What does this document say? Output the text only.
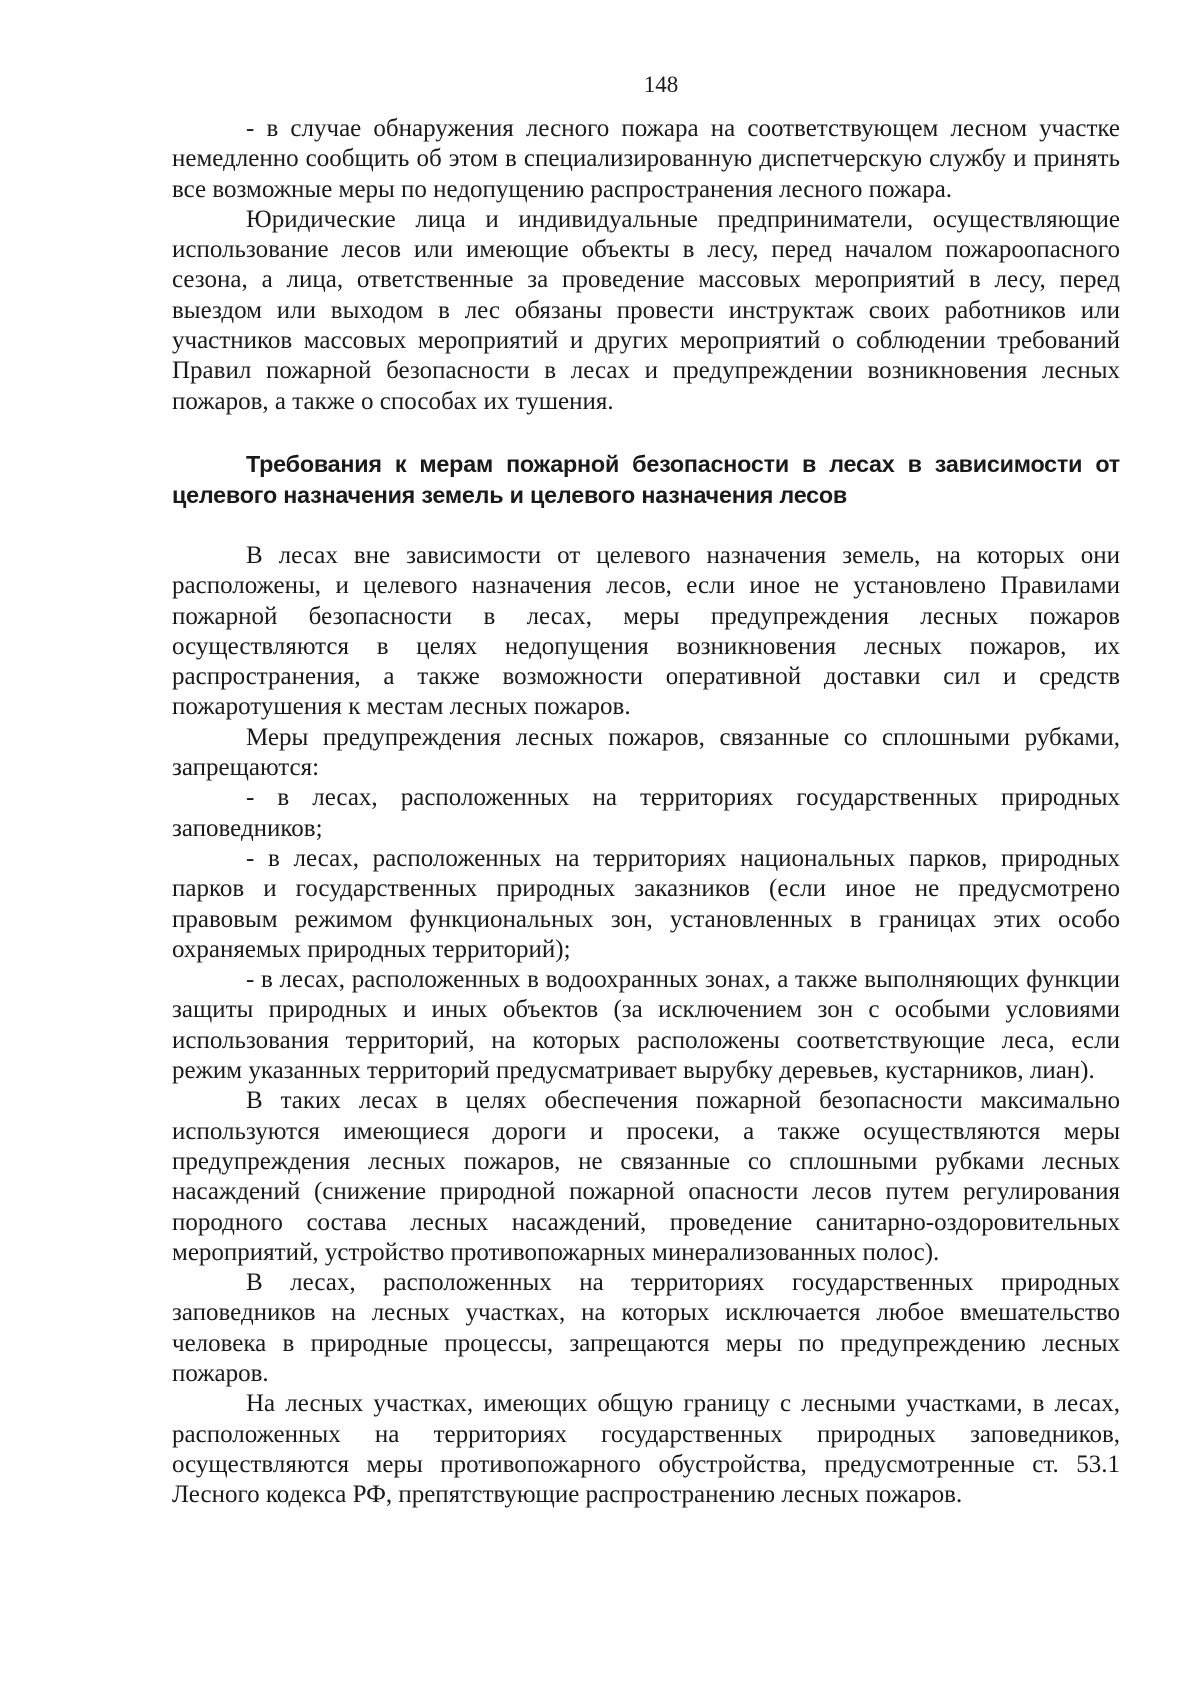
148

- в случае обнаружения лесного пожара на соответствующем лесном участке немедленно сообщить об этом в специализированную диспетчерскую службу и принять все возможные меры по недопущению распространения лесного пожара.

Юридические лица и индивидуальные предприниматели, осуществляющие использование лесов или имеющие объекты в лесу, перед началом пожароопасного сезона, а лица, ответственные за проведение массовых мероприятий в лесу, перед выездом или выходом в лес обязаны провести инструктаж своих работников или участников массовых мероприятий и других мероприятий о соблюдении требований Правил пожарной безопасности в лесах и предупреждении возникновения лесных пожаров, а также о способах их тушения.

Требования к мерам пожарной безопасности в лесах в зависимости от целевого назначения земель и целевого назначения лесов

В лесах вне зависимости от целевого назначения земель, на которых они расположены, и целевого назначения лесов, если иное не установлено Правилами пожарной безопасности в лесах, меры предупреждения лесных пожаров осуществляются в целях недопущения возникновения лесных пожаров, их распространения, а также возможности оперативной доставки сил и средств пожаротушения к местам лесных пожаров.

Меры предупреждения лесных пожаров, связанные со сплошными рубками, запрещаются:

- в лесах, расположенных на территориях государственных природных заповедников;

- в лесах, расположенных на территориях национальных парков, природных парков и государственных природных заказников (если иное не предусмотрено правовым режимом функциональных зон, установленных в границах этих особо охраняемых природных территорий);

- в лесах, расположенных в водоохранных зонах, а также выполняющих функции защиты природных и иных объектов (за исключением зон с особыми условиями использования территорий, на которых расположены соответствующие леса, если режим указанных территорий предусматривает вырубку деревьев, кустарников, лиан).

В таких лесах в целях обеспечения пожарной безопасности максимально используются имеющиеся дороги и просеки, а также осуществляются меры предупреждения лесных пожаров, не связанные со сплошными рубками лесных насаждений (снижение природной пожарной опасности лесов путем регулирования породного состава лесных насаждений, проведение санитарно-оздоровительных мероприятий, устройство противопожарных минерализованных полос).

В лесах, расположенных на территориях государственных природных заповедников на лесных участках, на которых исключается любое вмешательство человека в природные процессы, запрещаются меры по предупреждению лесных пожаров.

На лесных участках, имеющих общую границу с лесными участками, в лесах, расположенных на территориях государственных природных заповедников, осуществляются меры противопожарного обустройства, предусмотренные ст. 53.1 Лесного кодекса РФ, препятствующие распространению лесных пожаров.
